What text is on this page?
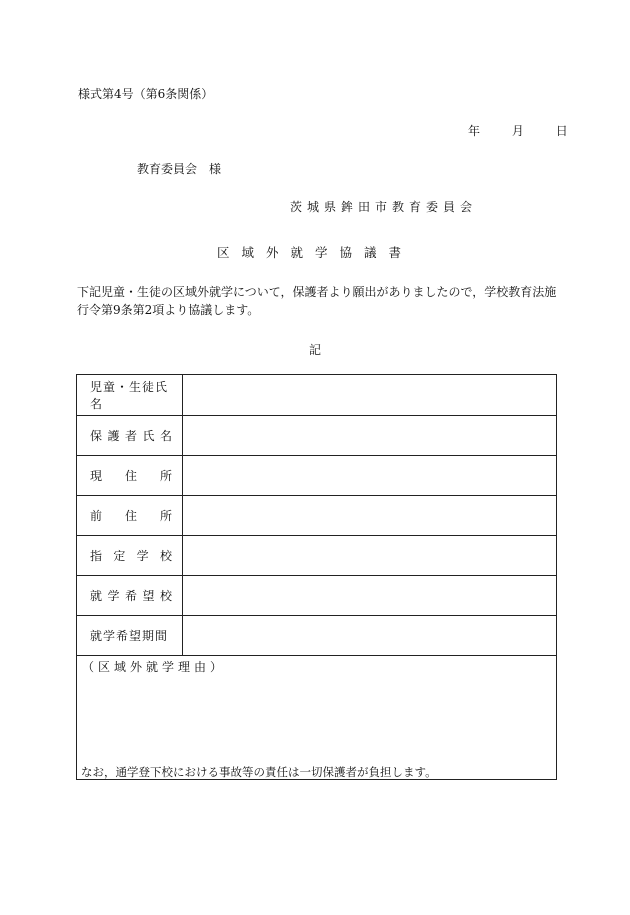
様式第4号（第6条関係）
年	月	日
教育委員会　様
茨城県鉾田市教育委員会
区域外就学協議書
下記児童・生徒の区域外就学について，保護者より願出がありましたので，学校教育法施行令第9条第2項より協議します。
記
児童・生徒氏名
保 護 者 氏 名
現 住 所
前 住 所
指 定 学 校
就 学 希 望 校
就学希望期間
（区域外就学理由）
なお，通学登下校における事故等の責任は一切保護者が負担します。
